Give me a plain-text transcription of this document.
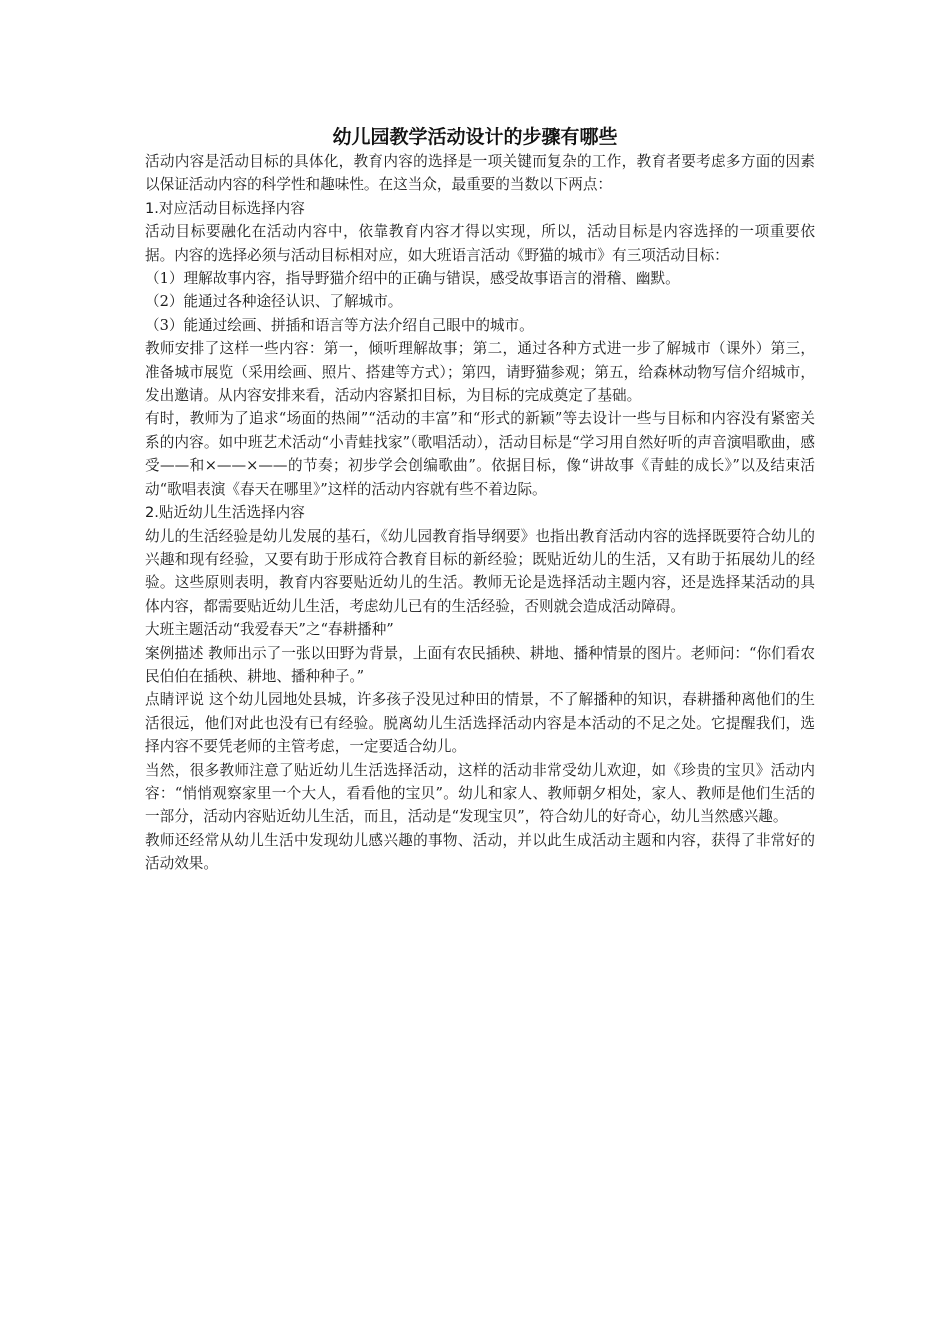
幼儿园教学活动设计的步骤有哪些

活动内容是活动目标的具体化，教育内容的选择是一项关键而复杂的工作，教育者要考虑多方面的因素以保证活动内容的科学性和趣味性。在这当众，最重要的当数以下两点：

1.对应活动目标选择内容

活动目标要融化在活动内容中，依靠教育内容才得以实现，所以，活动目标是内容选择的一项重要依据。内容的选择必须与活动目标相对应，如大班语言活动《野猫的城市》有三项活动目标：

（1）理解故事内容，指导野猫介绍中的正确与错误，感受故事语言的滑稽、幽默。

（2）能通过各种途径认识、了解城市。

（3）能通过绘画、拼插和语言等方法介绍自己眼中的城市。

教师安排了这样一些内容：第一，倾听理解故事；第二，通过各种方式进一步了解城市（课外）第三，准备城市展览（采用绘画、照片、搭建等方式）；第四，请野猫参观；第五，给森林动物写信介绍城市，发出邀请。从内容安排来看，活动内容紧扣目标，为目标的完成奠定了基础。

有时，教师为了追求“场面的热闹”“活动的丰富”和“形式的新颖”等去设计一些与目标和内容没有紧密关系的内容。如中班艺术活动“小青蛙找家”（歌唱活动），活动目标是“学习用自然好听的声音演唱歌曲，感受——和×——×——的节奏；初步学会创编歌曲”。依据目标，像“讲故事《青蛙的成长》”以及结束活动“歌唱表演《春天在哪里》”这样的活动内容就有些不着边际。

2.贴近幼儿生活选择内容

幼儿的生活经验是幼儿发展的基石，《幼儿园教育指导纲要》也指出教育活动内容的选择既要符合幼儿的兴趣和现有经验，又要有助于形成符合教育目标的新经验；既贴近幼儿的生活，又有助于拓展幼儿的经验。这些原则表明，教育内容要贴近幼儿的生活。教师无论是选择活动主题内容，还是选择某活动的具体内容，都需要贴近幼儿生活，考虑幼儿已有的生活经验，否则就会造成活动障碍。

大班主题活动“我爱春天”之“春耕播种”

案例描述 教师出示了一张以田野为背景，上面有农民插秧、耕地、播种情景的图片。老师问：“你们看农民伯伯在插秧、耕地、播种种子。”

点睛评说 这个幼儿园地处县城，许多孩子没见过种田的情景，不了解播种的知识，春耕播种离他们的生活很远，他们对此也没有已有经验。脱离幼儿生活选择活动内容是本活动的不足之处。它提醒我们，选择内容不要凭老师的主管考虑，一定要适合幼儿。

当然，很多教师注意了贴近幼儿生活选择活动，这样的活动非常受幼儿欢迎，如《珍贵的宝贝》活动内容：“悄悄观察家里一个大人，看看他的宝贝”。幼儿和家人、教师朝夕相处，家人、教师是他们生活的一部分，活动内容贴近幼儿生活，而且，活动是“发现宝贝”，符合幼儿的好奇心，幼儿当然感兴趣。

教师还经常从幼儿生活中发现幼儿感兴趣的事物、活动，并以此生成活动主题和内容，获得了非常好的活动效果。
